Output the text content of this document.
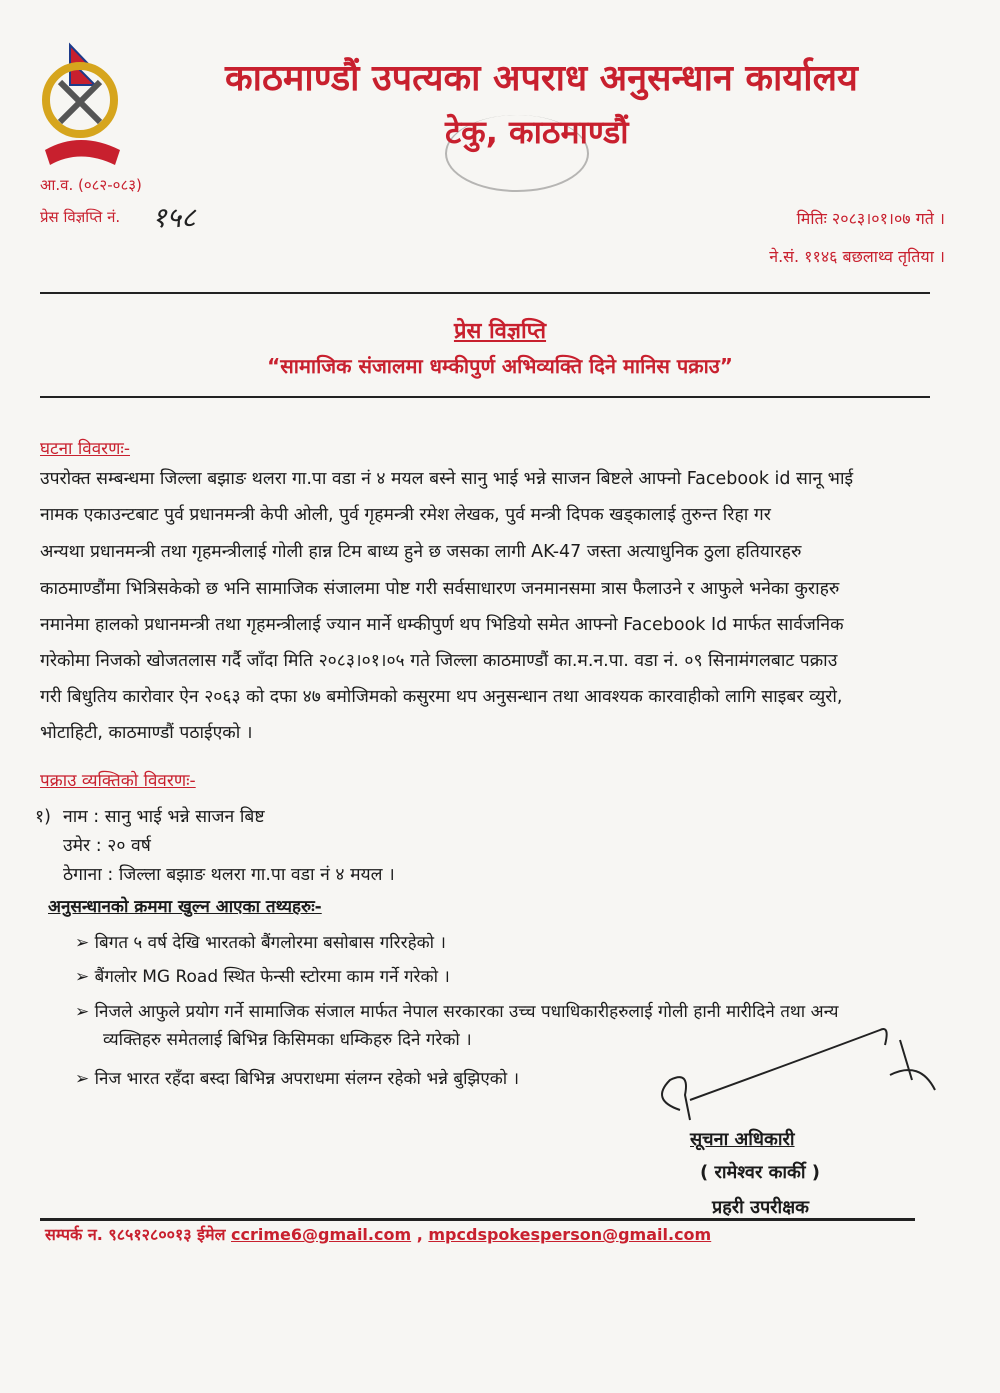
काठमाण्डौं उपत्यका अपराध अनुसन्धान कार्यालय
टेकु, काठमाण्डौं
आ.व. (०८२-०८३)
प्रेस विज्ञप्ति नं. १५८	मितिः २०८३।०१।०७ गते ।
ने.सं. ११४६ बछलाथ्व तृतिया ।
प्रेस विज्ञप्ति
“सामाजिक संजालमा धम्कीपुर्ण अभिव्यक्ति दिने मानिस पक्राउ”
घटना विवरणः-
उपरोक्त सम्बन्धमा जिल्ला बझाङ थलरा गा.पा वडा नं ४ मयल बस्ने सानु भाई भन्ने साजन बिष्टले आफ्नो Facebook id सानू भाई
नामक एकाउन्टबाट पुर्व प्रधानमन्त्री केपी ओली, पुर्व गृहमन्त्री रमेश लेखक, पुर्व मन्त्री दिपक खड्कालाई तुरुन्त रिहा गर
अन्यथा प्रधानमन्त्री तथा गृहमन्त्रीलाई गोली हान्न टिम बाध्य हुने छ जसका लागी AK-47 जस्ता अत्याधुनिक ठुला हतियारहरु
काठमाण्डौंमा भित्रिसकेको छ भनि सामाजिक संजालमा पोष्ट गरी सर्वसाधारण जनमानसमा त्रास फैलाउने र आफुले भनेका कुराहरु
नमानेमा हालको प्रधानमन्त्री तथा गृहमन्त्रीलाई ज्यान मार्ने धम्कीपुर्ण थप भिडियो समेत आफ्नो Facebook Id मार्फत सार्वजनिक
गरेकोमा निजको खोजतलास गर्दै जाँदा मिति २०८३।०१।०५ गते जिल्ला काठमाण्डौं का.म.न.पा. वडा नं. ०९ सिनामंगलबाट पक्राउ
गरी बिधुतिय कारोवार ऐन २०६३ को दफा ४७ बमोजिमको कसुरमा थप अनुसन्धान तथा आवश्यक कारवाहीको लागि साइबर व्युरो,
भोटाहिटी, काठमाण्डौं पठाईएको ।
पक्राउ व्यक्तिको विवरणः-
१) नाम : सानु भाई भन्ने साजन बिष्ट
उमेर : २० वर्ष
ठेगाना : जिल्ला बझाङ थलरा गा.पा वडा नं ४ मयल ।
अनुसन्धानको क्रममा खुल्न आएका तथ्यहरुः-
➢ बिगत ५ वर्ष देखि भारतको बैंगलोरमा बसोबास गरिरहेको ।
➢ बैंगलोर MG Road स्थित फेन्सी स्टोरमा काम गर्ने गरेको ।
➢ निजले आफुले प्रयोग गर्ने सामाजिक संजाल मार्फत नेपाल सरकारका उच्च पधाधिकारीहरुलाई गोली हानी मारीदिने तथा अन्य
व्यक्तिहरु समेतलाई बिभिन्न किसिमका धम्किहरु दिने गरेको ।
➢ निज भारत रहँदा बस्दा बिभिन्न अपराधमा संलग्न रहेको भन्ने बुझिएको ।
सूचना अधिकारी
( रामेश्वर कार्की )
प्रहरी उपरीक्षक
सम्पर्क न. ९८५१२८००१३ ईमेल ccrime6@gmail.com , mpcdspokesperson@gmail.com
